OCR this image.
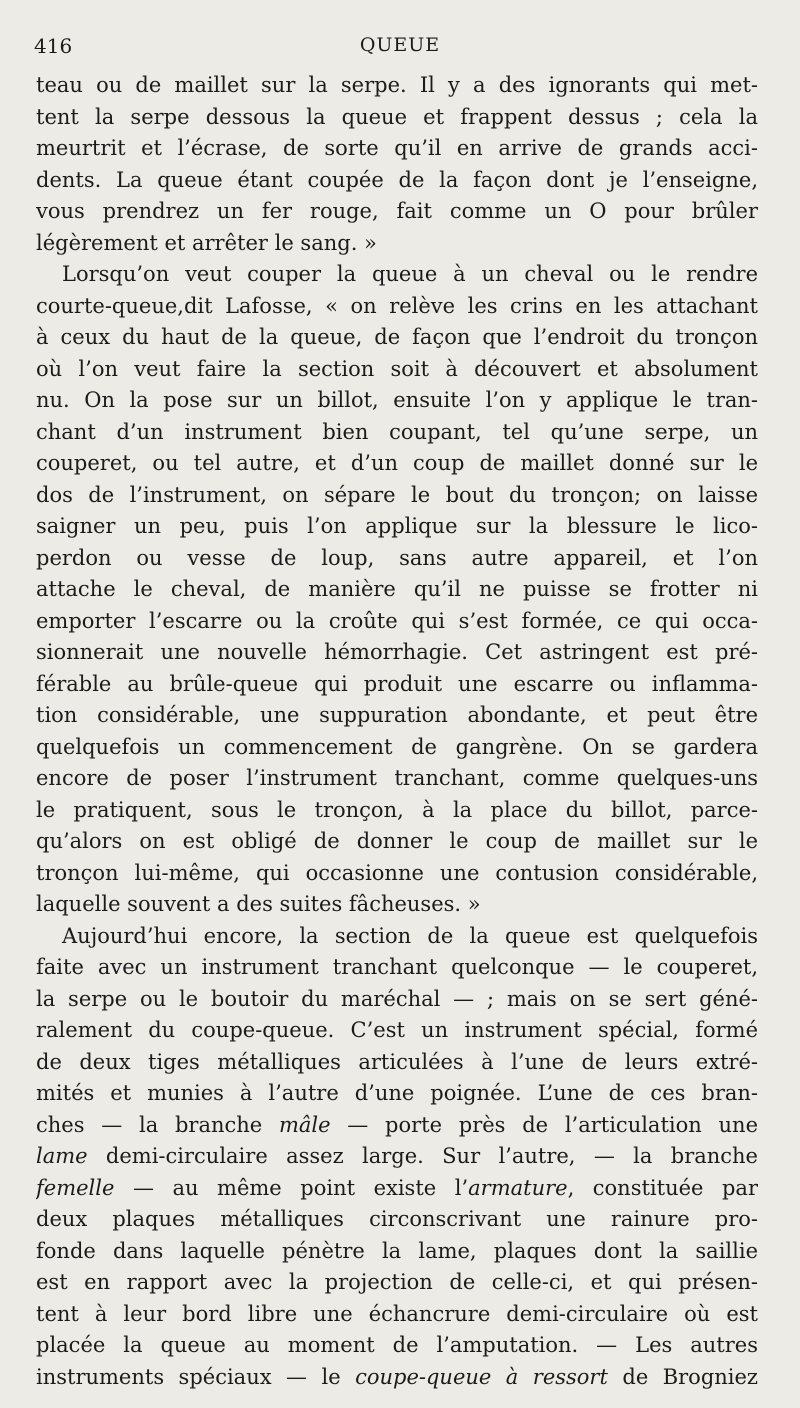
416	QUEUE
teau ou de maillet sur la serpe. Il y a des ignorants qui met-
tent la serpe dessous la queue et frappent dessus ; cela la
meurtrit et l’écrase, de sorte qu’il en arrive de grands acci-
dents. La queue étant coupée de la façon dont je l’enseigne,
vous prendrez un fer rouge, fait comme un O pour brûler
légèrement et arrêter le sang. »
Lorsqu’on veut couper la queue à un cheval ou le rendre
courte-queue,dit Lafosse, « on relève les crins en les attachant
à ceux du haut de la queue, de façon que l’endroit du tronçon
où l’on veut faire la section soit à découvert et absolument
nu. On la pose sur un billot, ensuite l’on y applique le tran-
chant d’un instrument bien coupant, tel qu’une serpe, un
couperet, ou tel autre, et d’un coup de maillet donné sur le
dos de l’instrument, on sépare le bout du tronçon; on laisse
saigner un peu, puis l’on applique sur la blessure le lico-
perdon ou vesse de loup, sans autre appareil, et l’on
attache le cheval, de manière qu’il ne puisse se frotter ni
emporter l’escarre ou la croûte qui s’est formée, ce qui occa-
sionnerait une nouvelle hémorrhagie. Cet astringent est pré-
férable au brûle-queue qui produit une escarre ou inflamma-
tion considérable, une suppuration abondante, et peut être
quelquefois un commencement de gangrène. On se gardera
encore de poser l’instrument tranchant, comme quelques-uns
le pratiquent, sous le tronçon, à la place du billot, parce-
qu’alors on est obligé de donner le coup de maillet sur le
tronçon lui-même, qui occasionne une contusion considérable,
laquelle souvent a des suites fâcheuses. »
Aujourd’hui encore, la section de la queue est quelquefois
faite avec un instrument tranchant quelconque — le couperet,
la serpe ou le boutoir du maréchal — ; mais on se sert géné-
ralement du coupe-queue. C’est un instrument spécial, formé
de deux tiges métalliques articulées à l’une de leurs extré-
mités et munies à l’autre d’une poignée. L’une de ces bran-
ches — la branche mâle — porte près de l’articulation une
lame demi-circulaire assez large. Sur l’autre, — la branche
femelle — au même point existe l’armature, constituée par
deux plaques métalliques circonscrivant une rainure pro-
fonde dans laquelle pénètre la lame, plaques dont la saillie
est en rapport avec la projection de celle-ci, et qui présen-
tent à leur bord libre une échancrure demi-circulaire où est
placée la queue au moment de l’amputation. — Les autres
instruments spéciaux — le coupe-queue à ressort de Brogniez
